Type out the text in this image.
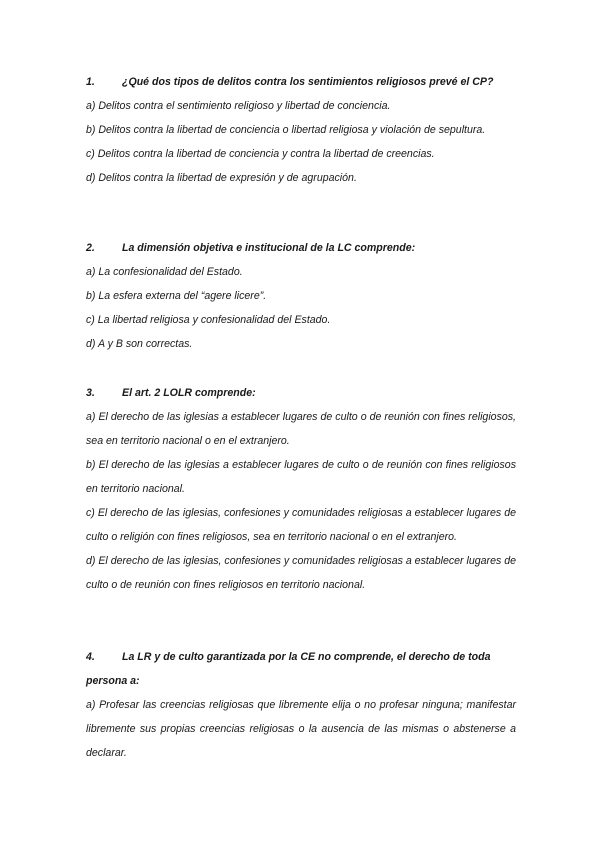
1.	¿Qué dos tipos de delitos contra los sentimientos religiosos prevé el CP?
a) Delitos contra el sentimiento religioso y libertad de conciencia.
b) Delitos contra la libertad de conciencia o libertad religiosa y violación de sepultura.
c) Delitos contra la libertad de conciencia y contra la libertad de creencias.
d) Delitos contra la libertad de expresión y de agrupación.
2.	La dimensión objetiva e institucional de la LC comprende:
a) La confesionalidad del Estado.
b) La esfera externa del “agere licere”.
c) La libertad religiosa y confesionalidad del Estado.
d) A y B son correctas.
3.	El art. 2 LOLR comprende:
a) El derecho de las iglesias a establecer lugares de culto o de reunión con fines religiosos, sea en territorio nacional o en el extranjero.
b) El derecho de las iglesias a establecer lugares de culto o de reunión con fines religiosos en territorio nacional.
c) El derecho de las iglesias, confesiones y comunidades religiosas a establecer lugares de culto o religión con fines religiosos, sea en territorio nacional o en el extranjero.
d) El derecho de las iglesias, confesiones y comunidades religiosas a establecer lugares de culto o de reunión con fines religiosos en territorio nacional.
4.	La LR y de culto garantizada por la CE no comprende, el derecho de toda persona a:
a) Profesar las creencias religiosas que libremente elija o no profesar ninguna; manifestar libremente sus propias creencias religiosas o la ausencia de las mismas o abstenerse a declarar.
